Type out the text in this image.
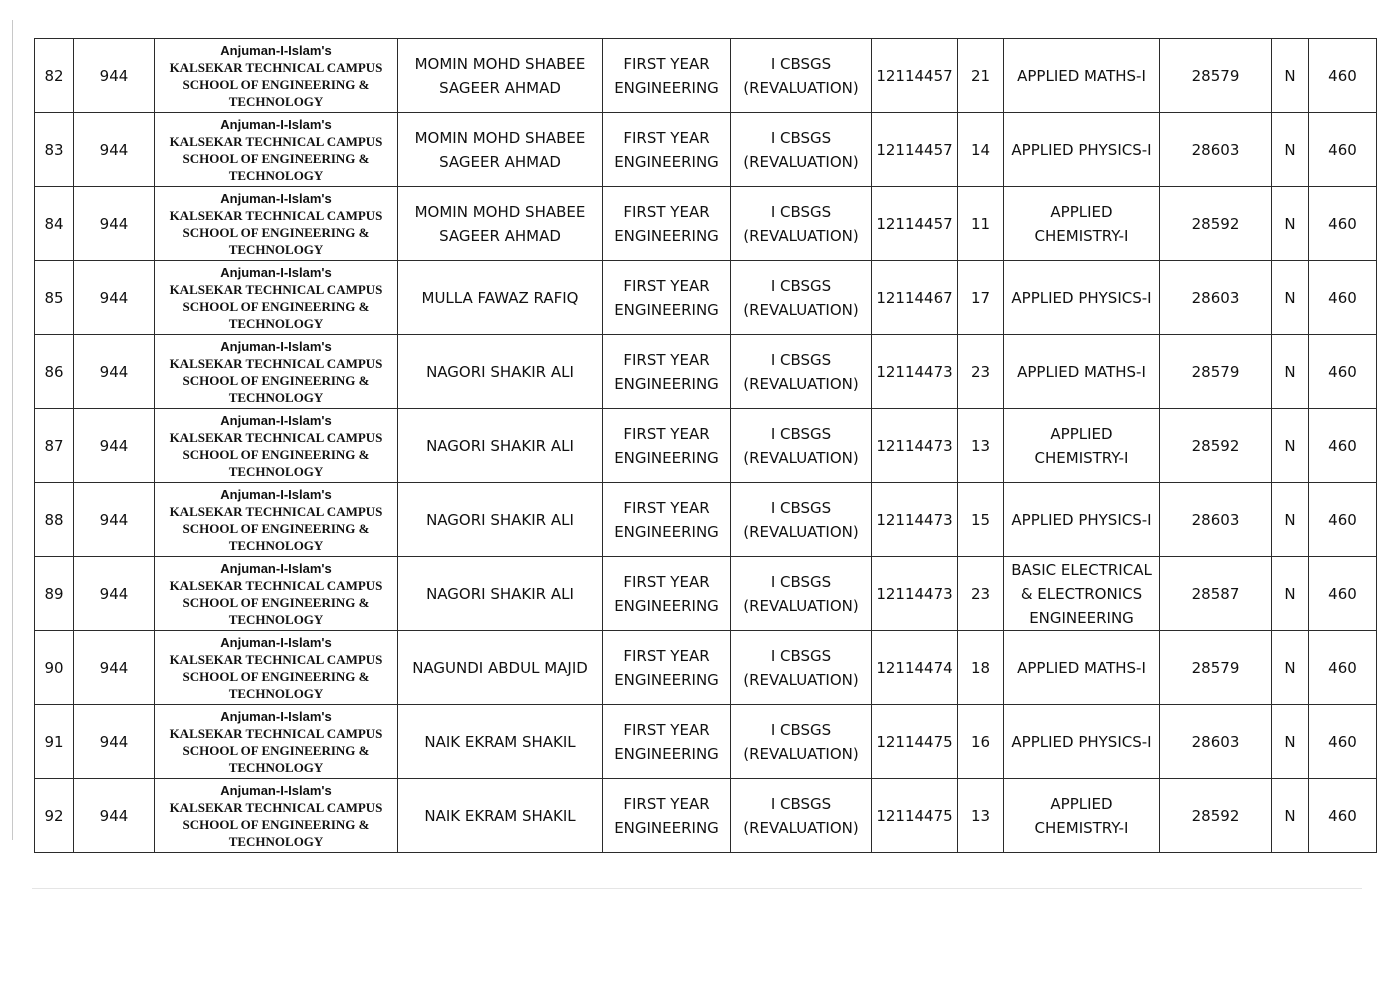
82	944	Anjuman-I-Islam's
KALSEKAR TECHNICAL CAMPUS
SCHOOL OF ENGINEERING &
TECHNOLOGY	MOMIN MOHD SHABEE
SAGEER AHMAD	FIRST YEAR
ENGINEERING	I CBSGS
(REVALUATION)	12114457	21	APPLIED MATHS-I	28579	N	460
83	944	Anjuman-I-Islam's
KALSEKAR TECHNICAL CAMPUS
SCHOOL OF ENGINEERING &
TECHNOLOGY	MOMIN MOHD SHABEE
SAGEER AHMAD	FIRST YEAR
ENGINEERING	I CBSGS
(REVALUATION)	12114457	14	APPLIED PHYSICS-I	28603	N	460
84	944	Anjuman-I-Islam's
KALSEKAR TECHNICAL CAMPUS
SCHOOL OF ENGINEERING &
TECHNOLOGY	MOMIN MOHD SHABEE
SAGEER AHMAD	FIRST YEAR
ENGINEERING	I CBSGS
(REVALUATION)	12114457	11	APPLIED
CHEMISTRY-I	28592	N	460
85	944	Anjuman-I-Islam's
KALSEKAR TECHNICAL CAMPUS
SCHOOL OF ENGINEERING &
TECHNOLOGY	MULLA FAWAZ RAFIQ	FIRST YEAR
ENGINEERING	I CBSGS
(REVALUATION)	12114467	17	APPLIED PHYSICS-I	28603	N	460
86	944	Anjuman-I-Islam's
KALSEKAR TECHNICAL CAMPUS
SCHOOL OF ENGINEERING &
TECHNOLOGY	NAGORI SHAKIR ALI	FIRST YEAR
ENGINEERING	I CBSGS
(REVALUATION)	12114473	23	APPLIED MATHS-I	28579	N	460
87	944	Anjuman-I-Islam's
KALSEKAR TECHNICAL CAMPUS
SCHOOL OF ENGINEERING &
TECHNOLOGY	NAGORI SHAKIR ALI	FIRST YEAR
ENGINEERING	I CBSGS
(REVALUATION)	12114473	13	APPLIED
CHEMISTRY-I	28592	N	460
88	944	Anjuman-I-Islam's
KALSEKAR TECHNICAL CAMPUS
SCHOOL OF ENGINEERING &
TECHNOLOGY	NAGORI SHAKIR ALI	FIRST YEAR
ENGINEERING	I CBSGS
(REVALUATION)	12114473	15	APPLIED PHYSICS-I	28603	N	460
89	944	Anjuman-I-Islam's
KALSEKAR TECHNICAL CAMPUS
SCHOOL OF ENGINEERING &
TECHNOLOGY	NAGORI SHAKIR ALI	FIRST YEAR
ENGINEERING	I CBSGS
(REVALUATION)	12114473	23	BASIC ELECTRICAL
& ELECTRONICS
ENGINEERING	28587	N	460
90	944	Anjuman-I-Islam's
KALSEKAR TECHNICAL CAMPUS
SCHOOL OF ENGINEERING &
TECHNOLOGY	NAGUNDI ABDUL MAJID	FIRST YEAR
ENGINEERING	I CBSGS
(REVALUATION)	12114474	18	APPLIED MATHS-I	28579	N	460
91	944	Anjuman-I-Islam's
KALSEKAR TECHNICAL CAMPUS
SCHOOL OF ENGINEERING &
TECHNOLOGY	NAIK EKRAM SHAKIL	FIRST YEAR
ENGINEERING	I CBSGS
(REVALUATION)	12114475	16	APPLIED PHYSICS-I	28603	N	460
92	944	Anjuman-I-Islam's
KALSEKAR TECHNICAL CAMPUS
SCHOOL OF ENGINEERING &
TECHNOLOGY	NAIK EKRAM SHAKIL	FIRST YEAR
ENGINEERING	I CBSGS
(REVALUATION)	12114475	13	APPLIED
CHEMISTRY-I	28592	N	460
